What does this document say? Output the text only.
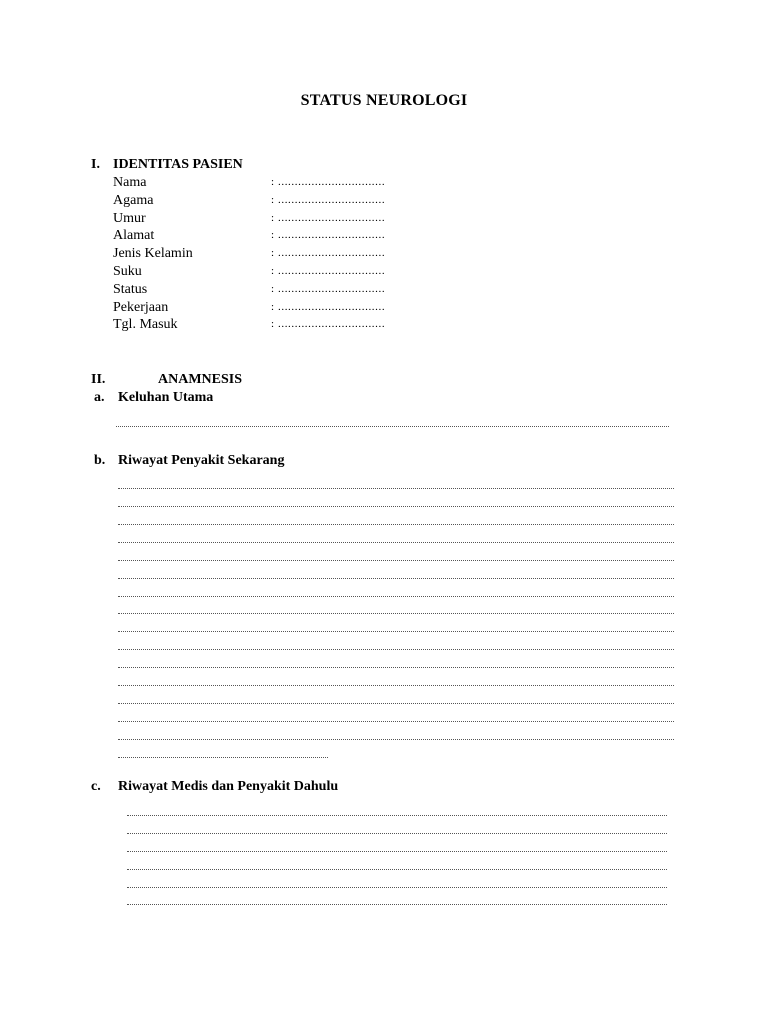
STATUS NEUROLOGI
I. IDENTITAS PASIEN
Nama	: ................................
Agama	: ................................
Umur	: ................................
Alamat	: ................................
Jenis Kelamin	: ................................
Suku	: ................................
Status	: ................................
Pekerjaan	: ................................
Tgl. Masuk	: ................................
II.	ANAMNESIS
a. Keluhan Utama
b. Riwayat Penyakit Sekarang
c. Riwayat Medis dan Penyakit Dahulu
